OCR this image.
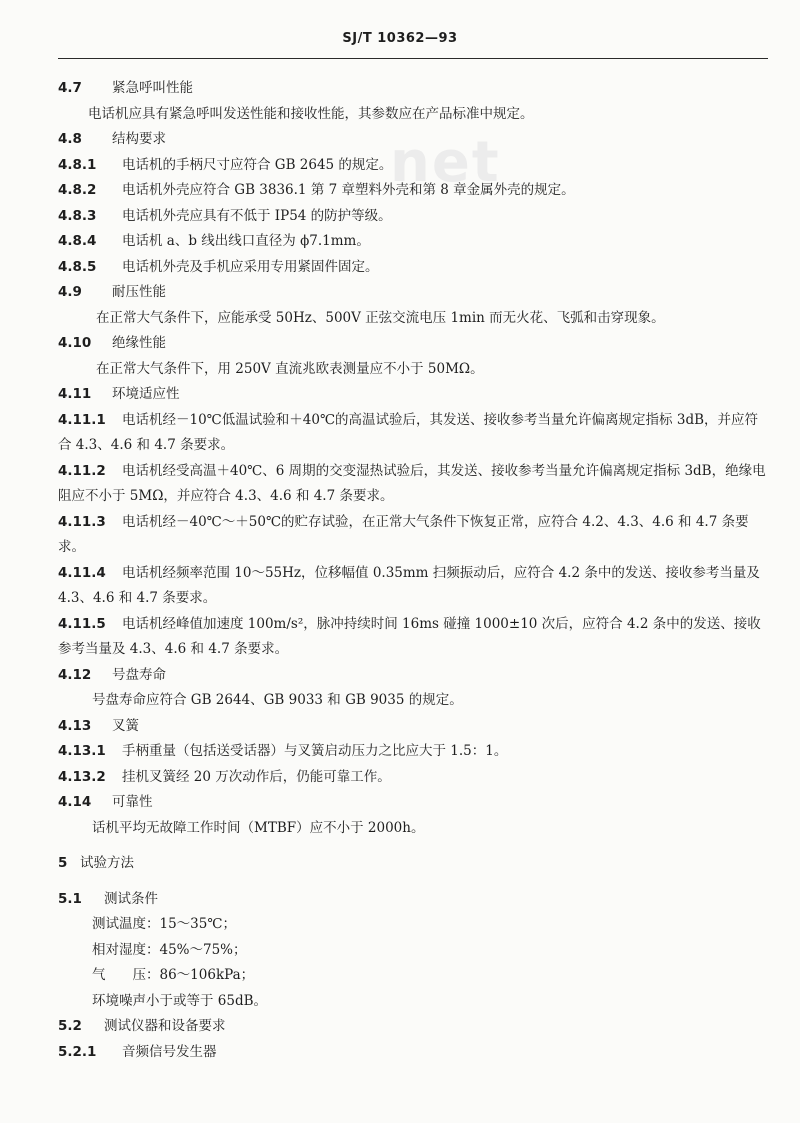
SJ/T 10362—93
net
4.7 紧急呼叫性能
电话机应具有紧急呼叫发送性能和接收性能，其参数应在产品标准中规定。
4.8 结构要求
4.8.1 电话机的手柄尺寸应符合 GB 2645 的规定。
4.8.2 电话机外壳应符合 GB 3836.1 第 7 章塑料外壳和第 8 章金属外壳的规定。
4.8.3 电话机外壳应具有不低于 IP54 的防护等级。
4.8.4 电话机 a、b 线出线口直径为 ϕ7.1mm。
4.8.5 电话机外壳及手机应采用专用紧固件固定。
4.9 耐压性能
在正常大气条件下，应能承受 50Hz、500V 正弦交流电压 1min 而无火花、飞弧和击穿现象。
4.10 绝缘性能
在正常大气条件下，用 250V 直流兆欧表测量应不小于 50MΩ。
4.11 环境适应性
4.11.1 电话机经－10℃低温试验和＋40℃的高温试验后，其发送、接收参考当量允许偏离规定指标 3dB，并应符合 4.3、4.6 和 4.7 条要求。
4.11.2 电话机经受高温＋40℃、6 周期的交变湿热试验后，其发送、接收参考当量允许偏离规定指标 3dB，绝缘电阻应不小于 5MΩ，并应符合 4.3、4.6 和 4.7 条要求。
4.11.3 电话机经－40℃～＋50℃的贮存试验，在正常大气条件下恢复正常，应符合 4.2、4.3、4.6 和 4.7 条要求。
4.11.4 电话机经频率范围 10～55Hz，位移幅值 0.35mm 扫频振动后，应符合 4.2 条中的发送、接收参考当量及 4.3、4.6 和 4.7 条要求。
4.11.5 电话机经峰值加速度 100m/s²，脉冲持续时间 16ms 碰撞 1000±10 次后，应符合 4.2 条中的发送、接收参考当量及 4.3、4.6 和 4.7 条要求。
4.12 号盘寿命
号盘寿命应符合 GB 2644、GB 9033 和 GB 9035 的规定。
4.13 叉簧
4.13.1 手柄重量（包括送受话器）与叉簧启动压力之比应大于 1.5：1。
4.13.2 挂机叉簧经 20 万次动作后，仍能可靠工作。
4.14 可靠性
话机平均无故障工作时间（MTBF）应不小于 2000h。
5 试验方法
5.1 测试条件
测试温度：15～35℃；
相对湿度：45%～75%；
气　　压：86～106kPa；
环境噪声小于或等于 65dB。
5.2 测试仪器和设备要求
5.2.1 音频信号发生器
